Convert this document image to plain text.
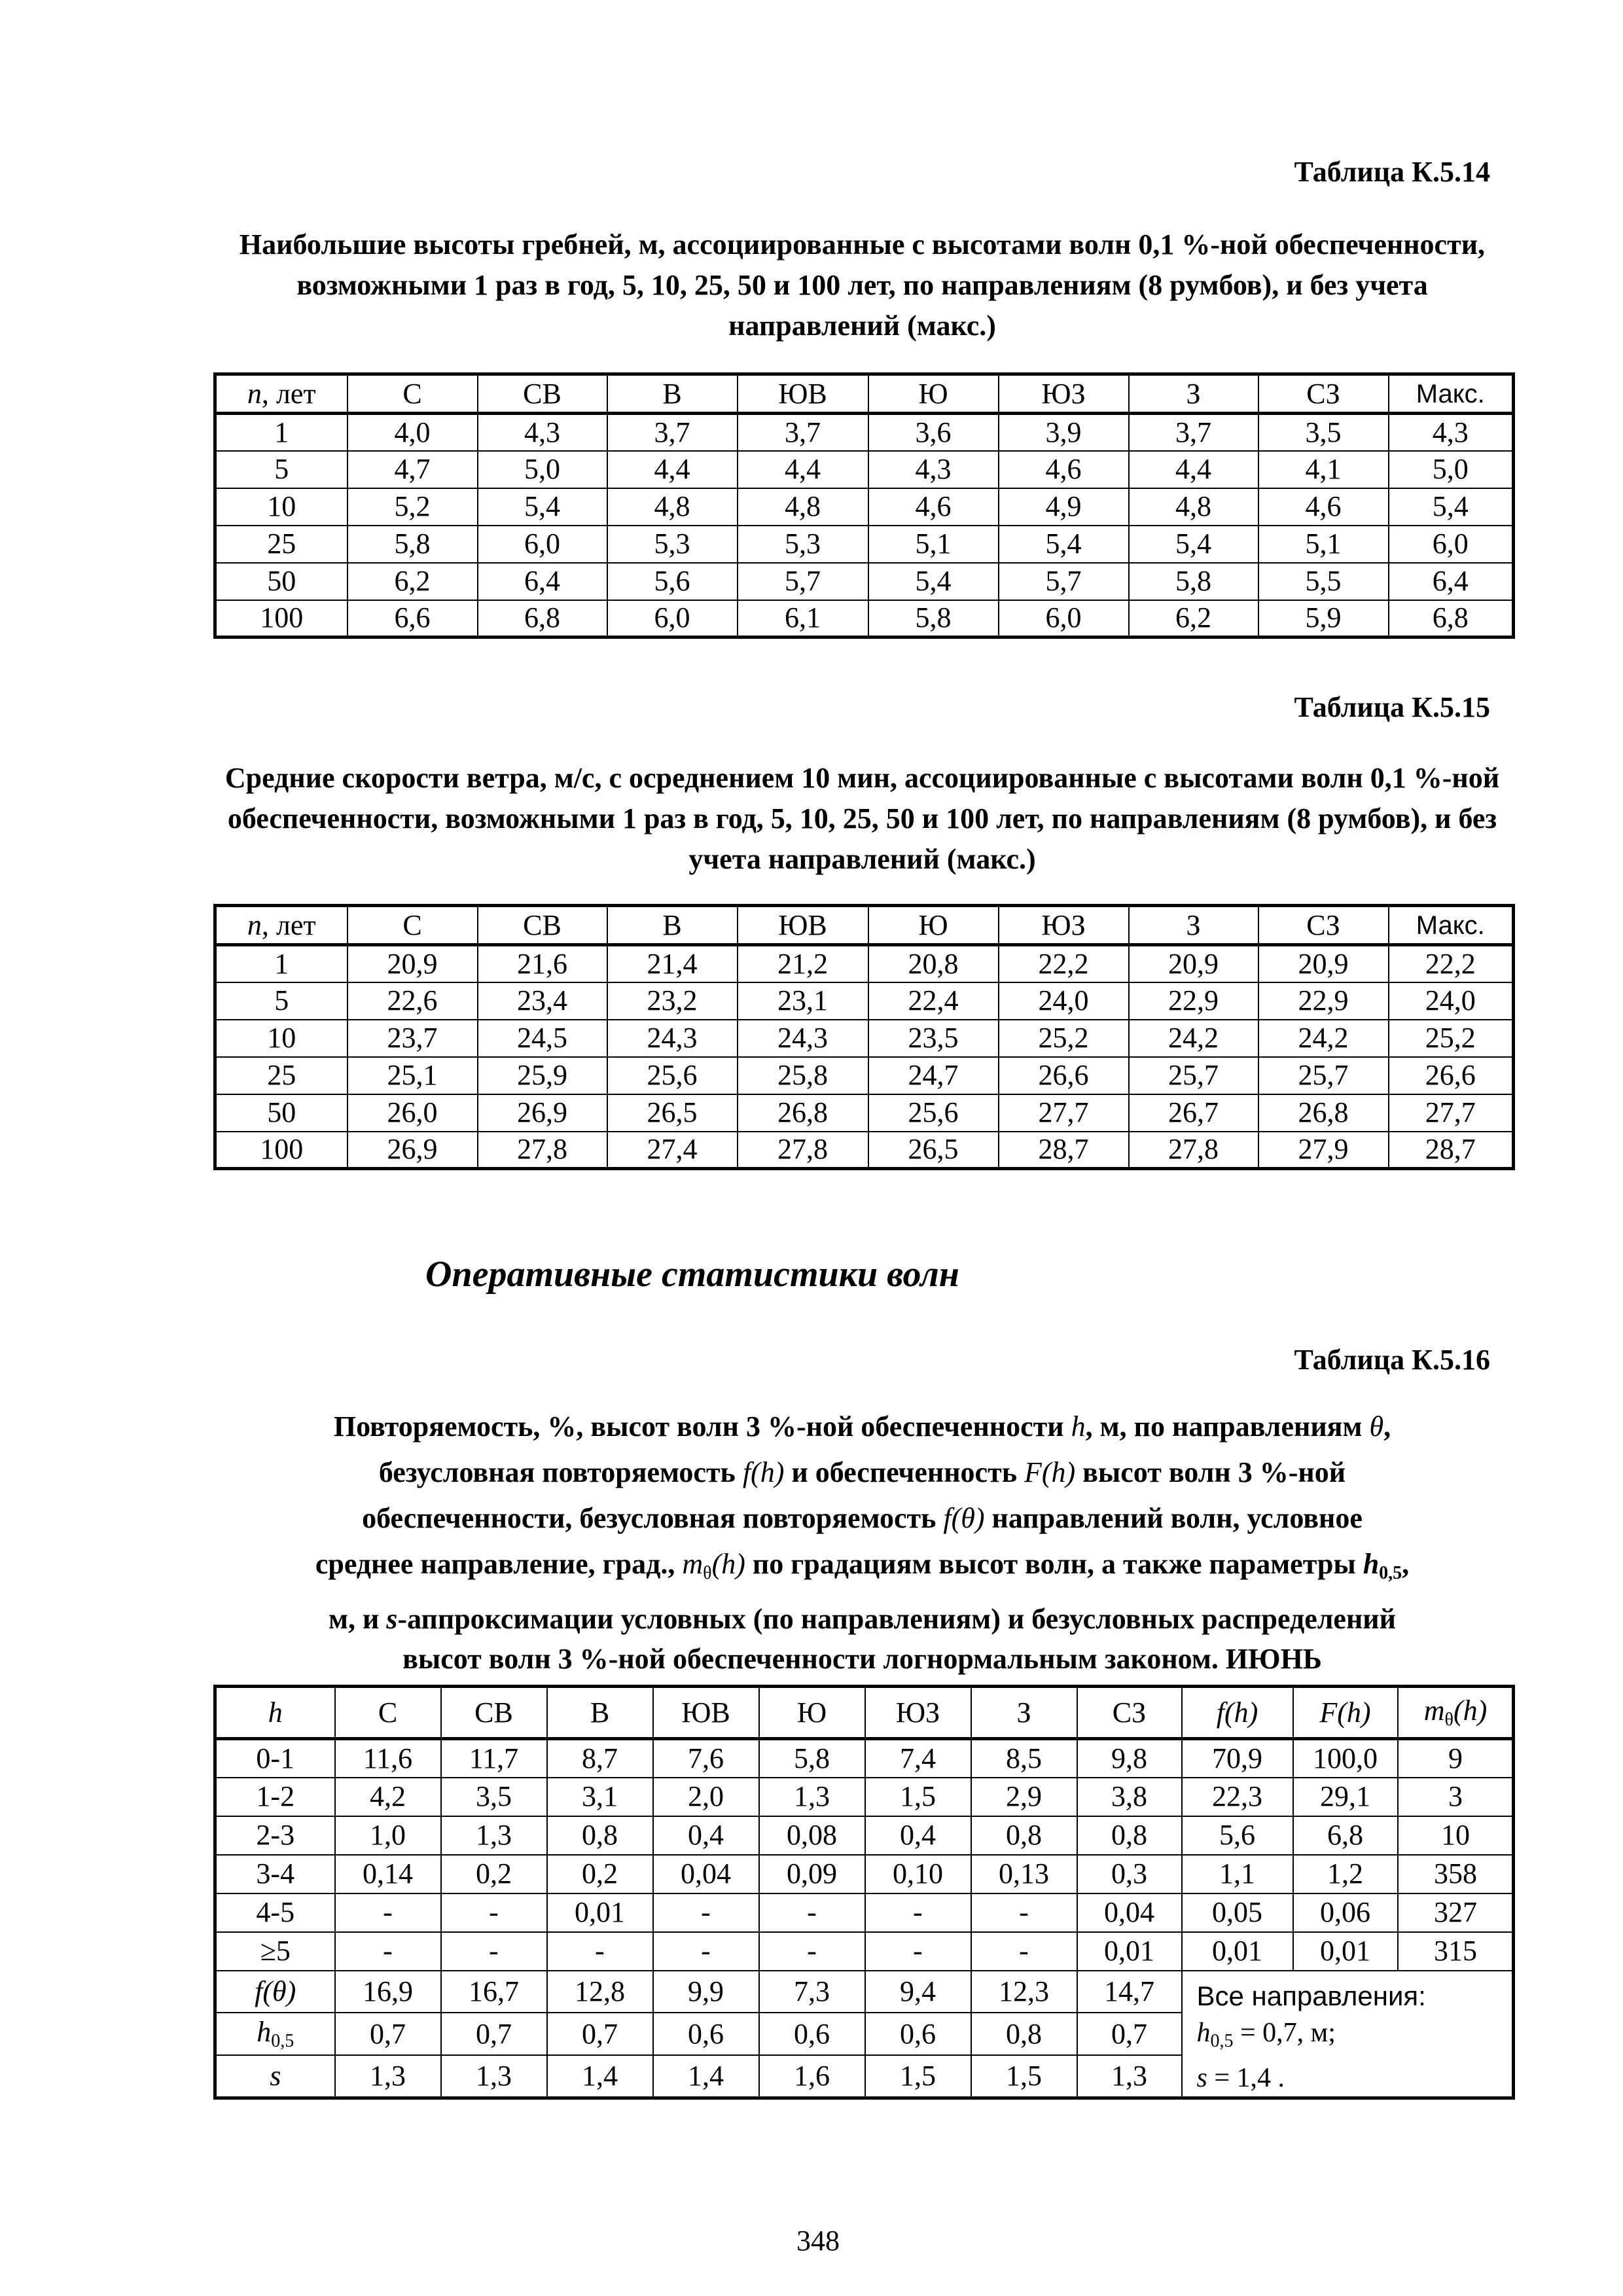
Таблица К.5.14
Наибольшие высоты гребней, м, ассоциированные с высотами волн 0,1 %-ной обеспеченности, возможными 1 раз в год, 5, 10, 25, 50 и 100 лет, по направлениям (8 румбов), и без учета направлений (макс.)
n, лет	С	СВ	В	ЮВ	Ю	ЮЗ	З	СЗ	Макс.
1	4,0	4,3	3,7	3,7	3,6	3,9	3,7	3,5	4,3
5	4,7	5,0	4,4	4,4	4,3	4,6	4,4	4,1	5,0
10	5,2	5,4	4,8	4,8	4,6	4,9	4,8	4,6	5,4
25	5,8	6,0	5,3	5,3	5,1	5,4	5,4	5,1	6,0
50	6,2	6,4	5,6	5,7	5,4	5,7	5,8	5,5	6,4
100	6,6	6,8	6,0	6,1	5,8	6,0	6,2	5,9	6,8
Таблица К.5.15
Средние скорости ветра, м/с, с осреднением 10 мин, ассоциированные с высотами волн 0,1 %-ной обеспеченности, возможными 1 раз в год, 5, 10, 25, 50 и 100 лет, по направлениям (8 румбов), и без учета направлений (макс.)
n, лет	С	СВ	В	ЮВ	Ю	ЮЗ	З	СЗ	Макс.
1	20,9	21,6	21,4	21,2	20,8	22,2	20,9	20,9	22,2
5	22,6	23,4	23,2	23,1	22,4	24,0	22,9	22,9	24,0
10	23,7	24,5	24,3	24,3	23,5	25,2	24,2	24,2	25,2
25	25,1	25,9	25,6	25,8	24,7	26,6	25,7	25,7	26,6
50	26,0	26,9	26,5	26,8	25,6	27,7	26,7	26,8	27,7
100	26,9	27,8	27,4	27,8	26,5	28,7	27,8	27,9	28,7
Оперативные статистики волн
Таблица К.5.16
Повторяемость, %, высот волн 3 %-ной обеспеченности h, м, по направлениям θ,
безусловная повторяемость f(h) и обеспеченность F(h) высот волн 3 %-ной
обеспеченности, безусловная повторяемость f(θ) направлений волн, условное
среднее направление, град., $m_\theta(h)$ по градациям высот волн, а также параметры $h_{0,5}$,
м, и s-аппроксимации условных (по направлениям) и безусловных распределений
высот волн 3 %-ной обеспеченности логнормальным законом. ИЮНЬ
h	С	СВ	В	ЮВ	Ю	ЮЗ	З	СЗ	f(h)	F(h)	$m_\theta(h)$
0-1	11,6	11,7	8,7	7,6	5,8	7,4	8,5	9,8	70,9	100,0	9
1-2	4,2	3,5	3,1	2,0	1,3	1,5	2,9	3,8	22,3	29,1	3
2-3	1,0	1,3	0,8	0,4	0,08	0,4	0,8	0,8	5,6	6,8	10
3-4	0,14	0,2	0,2	0,04	0,09	0,10	0,13	0,3	1,1	1,2	358
4-5	-	-	0,01	-	-	-	-	0,04	0,05	0,06	327
≥5	-	-	-	-	-	-	-	0,01	0,01	0,01	315
f(θ)	16,9	16,7	12,8	9,9	7,3	9,4	12,3	14,7	Все направления:
$h_{0,5} = 0,7$, м;
s = 1,4 .		

$h_{0,5}$	0,7	0,7	0,7	0,6	0,6	0,6	0,8	0,7			
s	1,3	1,3	1,4	1,4	1,6	1,5	1,5	1,3			
348
